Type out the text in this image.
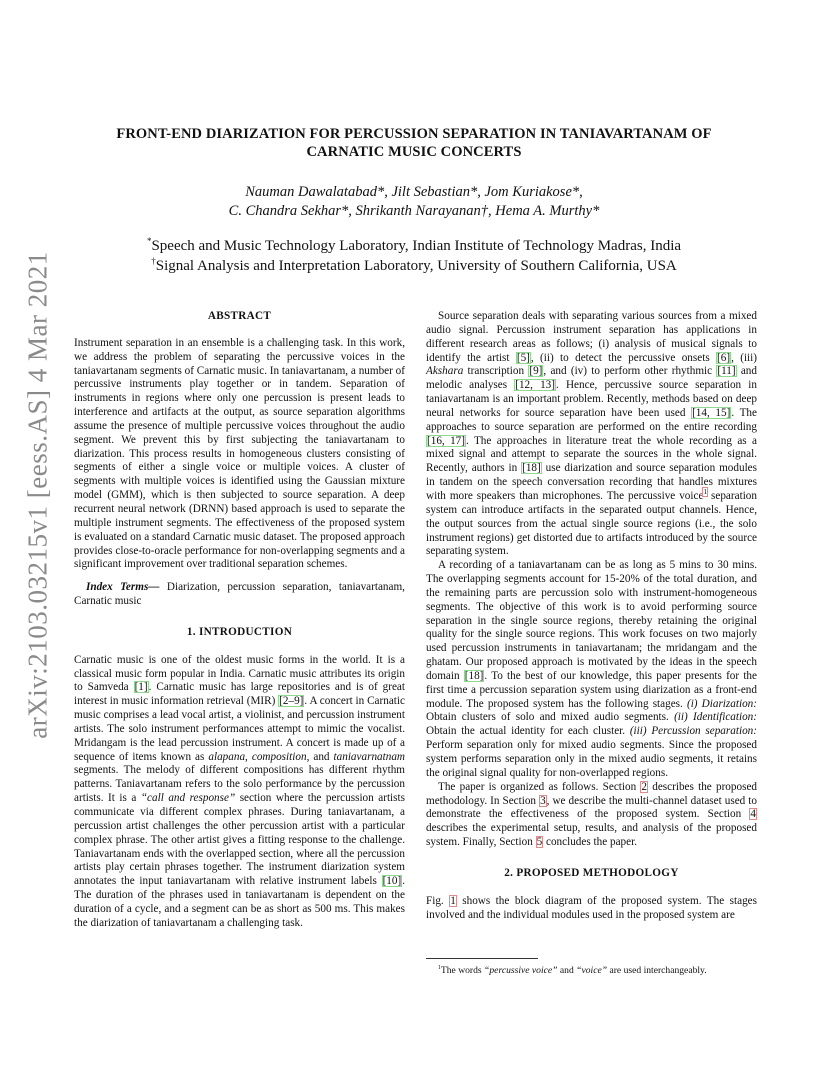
arXiv:2103.03215v1 [eess.AS] 4 Mar 2021
FRONT-END DIARIZATION FOR PERCUSSION SEPARATION IN TANIAVARTANAM OF
CARNATIC MUSIC CONCERTS
Nauman Dawalatabad*, Jilt Sebastian*, Jom Kuriakose*,
C. Chandra Sekhar*, Shrikanth Narayanan†, Hema A. Murthy*
*Speech and Music Technology Laboratory, Indian Institute of Technology Madras, India
†Signal Analysis and Interpretation Laboratory, University of Southern California, USA
ABSTRACT

Instrument separation in an ensemble is a challenging task. In this work, we address the problem of separating the percussive voices in the taniavartanam segments of Carnatic music. In taniavartanam, a number of percussive instruments play together or in tandem. Separation of instruments in regions where only one percussion is present leads to interference and artifacts at the output, as source separation algorithms assume the presence of multiple percussive voices throughout the audio segment. We prevent this by first subjecting the taniavartanam to diarization. This process results in homogeneous clusters consisting of segments of either a single voice or multiple voices. A cluster of segments with multiple voices is identified using the Gaussian mixture model (GMM), which is then subjected to source separation. A deep recurrent neural network (DRNN) based approach is used to separate the multiple instrument segments. The effectiveness of the proposed system is evaluated on a standard Carnatic music dataset. The proposed approach provides close-to-oracle performance for non-overlapping segments and a significant improvement over traditional separation schemes.

Index Terms— Diarization, percussion separation, taniavartanam, Carnatic music

1. INTRODUCTION

Carnatic music is one of the oldest music forms in the world. It is a classical music form popular in India. Carnatic music attributes its origin to Samveda [1]. Carnatic music has large repositories and is of great interest in music information retrieval (MIR) [2–9]. A concert in Carnatic music comprises a lead vocal artist, a violinist, and percussion instrument artists. The solo instrument performances attempt to mimic the vocalist. Mridangam is the lead percussion instrument. A concert is made up of a sequence of items known as alapana, composition, and taniavarnatnam segments. The melody of different compositions has different rhythm patterns. Taniavartanam refers to the solo performance by the percussion artists. It is a “call and response” section where the percussion artists communicate via different complex phrases. During taniavartanam, a percussion artist challenges the other percussion artist with a particular complex phrase. The other artist gives a fitting response to the challenge. Taniavartanam ends with the overlapped section, where all the percussion artists play certain phrases together. The instrument diarization system annotates the input taniavartanam with relative instrument labels [10]. The duration of the phrases used in taniavartanam is dependent on the duration of a cycle, and a segment can be as short as 500 ms. This makes the diarization of taniavartanam a challenging task.

Source separation deals with separating various sources from a mixed audio signal. Percussion instrument separation has applications in different research areas as follows; (i) analysis of musical signals to identify the artist [5], (ii) to detect the percussive onsets [6], (iii) Akshara transcription [9], and (iv) to perform other rhythmic [11] and melodic analyses [12, 13]. Hence, percussive source separation in taniavartanam is an important problem. Recently, methods based on deep neural networks for source separation have been used [14, 15]. The approaches to source separation are performed on the entire recording [16, 17]. The approaches in literature treat the whole recording as a mixed signal and attempt to separate the sources in the whole signal. Recently, authors in [18] use diarization and source separation modules in tandem on the speech conversation recording that handles mixtures with more speakers than microphones. The percussive voice$^1$ separation system can introduce artifacts in the separated output channels. Hence, the output sources from the actual single source regions (i.e., the solo instrument regions) get distorted due to artifacts introduced by the source separating system.

A recording of a taniavartanam can be as long as 5 mins to 30 mins. The overlapping segments account for 15-20% of the total duration, and the remaining parts are percussion solo with instrument-homogeneous segments. The objective of this work is to avoid performing source separation in the single source regions, thereby retaining the original quality for the single source regions. This work focuses on two majorly used percussion instruments in taniavartanam; the mridangam and the ghatam. Our proposed approach is motivated by the ideas in the speech domain [18]. To the best of our knowledge, this paper presents for the first time a percussion separation system using diarization as a front-end module. The proposed system has the following stages. (i) Diarization: Obtain clusters of solo and mixed audio segments. (ii) Identification: Obtain the actual identity for each cluster. (iii) Percussion separation: Perform separation only for mixed audio segments. Since the proposed system performs separation only in the mixed audio segments, it retains the original signal quality for non-overlapped regions.

The paper is organized as follows. Section 2 describes the proposed methodology. In Section 3, we describe the multi-channel dataset used to demonstrate the effectiveness of the proposed system. Section 4 describes the experimental setup, results, and analysis of the proposed system. Finally, Section 5 concludes the paper.

2. PROPOSED METHODOLOGY

Fig. 1 shows the block diagram of the proposed system. The stages involved and the individual modules used in the proposed system are

$^1$The words “percussive voice” and “voice” are used interchangeably.
